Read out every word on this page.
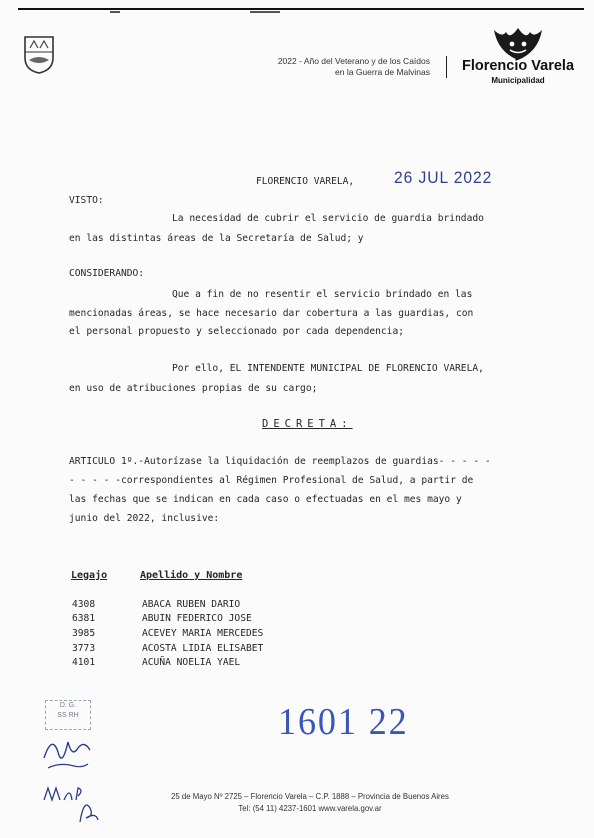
2022 - Año del Veterano y de los Caídos
en la Guerra de Malvinas Florencio Varela
Municipalidad
FLORENCIO VARELA, 26 JUL 2022
VISTO:
La necesidad de cubrir el servicio de guardia brindado
en las distintas áreas de la Secretaría de Salud; y
CONSIDERANDO:
Que a fin de no resentir el servicio brindado en las
mencionadas áreas, se hace necesario dar cobertura a las guardias, con
el personal propuesto y seleccionado por cada dependencia;
Por ello, EL INTENDENTE MUNICIPAL DE FLORENCIO VARELA,
en uso de atribuciones propias de su cargo;
DECRETA:
ARTICULO 1º.-Autorízase la liquidación de reemplazos de guardias- - - - -
- - - - -correspondientes al Régimen Profesional de Salud, a partir de
las fechas que se indican en cada caso o efectuadas en el mes mayo y
junio del 2022, inclusive:
Legajo	Apellido y Nombre
4308	ABACA RUBEN DARIO
6381	ABUIN FEDERICO JOSE
3985	ACEVEY MARIA MERCEDES
3773	ACOSTA LIDIA ELISABET
4101	ACUÑA NOELIA YAEL
1601 22
D. G.
SS RH
25 de Mayo Nº 2725 – Florencio Varela – C.P. 1888 – Provincia de Buenos Aires
Tel: (54 11) 4237-1601 www.varela.gov.ar
